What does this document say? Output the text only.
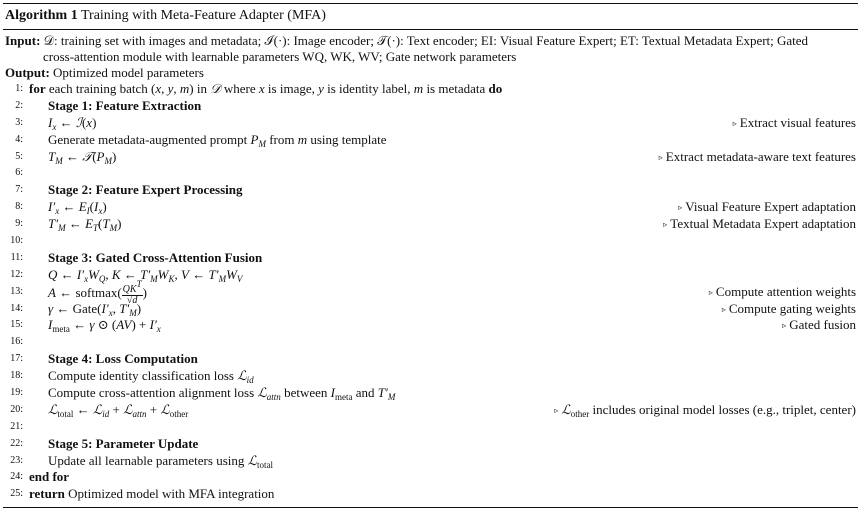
Algorithm 1 Training with Meta-Feature Adapter (MFA)
Input: 𝒟: training set with images and metadata; ℐ(·): Image encoder; 𝒯(·): Text encoder; EI: Visual Feature Expert; ET: Textual Metadata Expert; Gated
cross-attention module with learnable parameters WQ, WK, WV; Gate network parameters
Output: Optimized model parameters
1: for each training batch (x, y, m) in 𝒟 where x is image, y is identity label, m is metadata do
2: Stage 1: Feature Extraction
3: $I_x$ ← ℐ(x)	▹ Extract visual features
4: Generate metadata-augmented prompt $P_M$ from m using template
5: $T_M$ ← $𝒯(P_M)$	▹ Extract metadata-aware text features
6:
7: Stage 2: Feature Expert Processing
8: $I'_x$ ← $E_I(I_x)$	▹ Visual Feature Expert adaptation
9: $T'_M$ ← $E_T(T_M)$	▹ Textual Metadata Expert adaptation
10:
11: Stage 3: Gated Cross-Attention Fusion
12: Q ← $I'_xW_Q$, K ← $T'_MW_K$, V ← $T'_MW_V$
13: A ← softmax( $\frac{QK^T}{√d}$ )	▹ Compute attention weights
14: γ ← $Gate(I'_x$, $T'_M$)	▹ Compute gating weights
15: $I_{meta}$ ← γ ⊙ $(AV) + I'_x$	▹ Gated fusion
16:
17: Stage 4: Loss Computation
18: Compute identity classification loss ℒ$_{id}$
19: Compute cross-attention alignment loss ℒ$_{attn}$ between $I_{meta}$ and $T'_M$
20: ℒ$_{total}$ ← ℒ$_{id}$ + ℒ$_{attn}$ + ℒ$_{other}$	▹ ℒ$_{other}$ includes original model losses (e.g., triplet, center)
21:
22: Stage 5: Parameter Update
23: Update all learnable parameters using ℒ$_{total}$
24: end for
25: return Optimized model with MFA integration
